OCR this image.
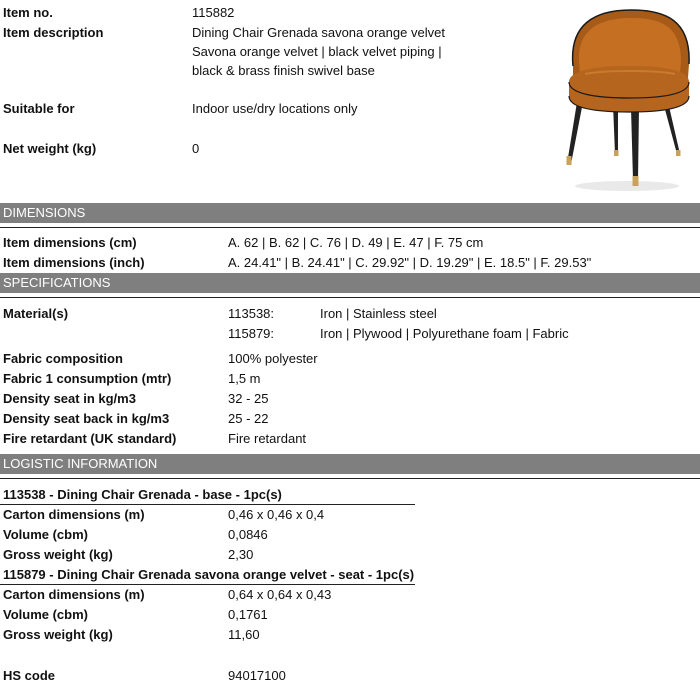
Item no.	115882
Item description	Dining Chair Grenada savona orange velvet
Savona orange velvet | black velvet piping |
black & brass finish swivel base
Suitable for	Indoor use/dry locations only
Net weight (kg)	0
DIMENSIONS
Item dimensions (cm)	A. 62 | B. 62 | C. 76 | D. 49 | E. 47 | F. 75 cm
Item dimensions (inch)	A. 24.41" | B. 24.41" | C. 29.92" | D. 19.29" | E. 18.5" | F. 29.53"
SPECIFICATIONS
Material(s)	113538:	Iron | Stainless steel
115879:	Iron | Plywood | Polyurethane foam | Fabric
Fabric composition	100% polyester
Fabric 1 consumption (mtr)	1,5 m
Density seat in kg/m3	32 - 25
Density seat back in kg/m3	25 - 22
Fire retardant (UK standard)	Fire retardant
LOGISTIC INFORMATION
113538 - Dining Chair Grenada - base - 1pc(s)
Carton dimensions (m)	0,46 x 0,46 x 0,4
Volume (cbm)	0,0846
Gross weight (kg)	2,30
115879 - Dining Chair Grenada savona orange velvet - seat - 1pc(s)
Carton dimensions (m)	0,64 x 0,64 x 0,43
Volume (cbm)	0,1761
Gross weight (kg)	11,60
HS code	94017100
